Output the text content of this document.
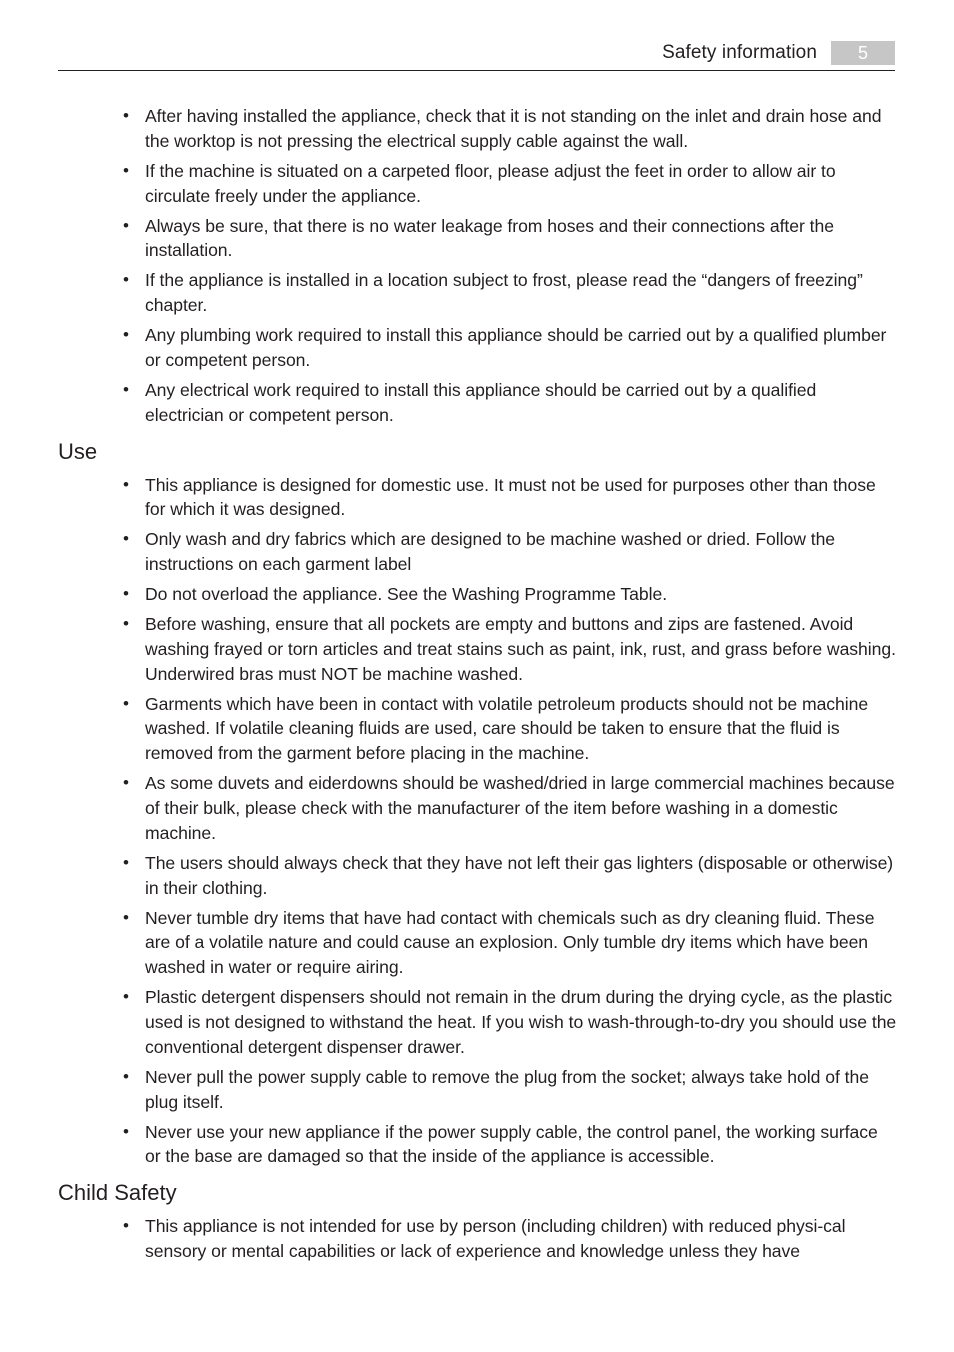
Safety information	5
• After having installed the appliance, check that it is not standing on the inlet and drain hose and the worktop is not pressing the electrical supply cable against the wall.
• If the machine is situated on a carpeted floor, please adjust the feet in order to allow air to circulate freely under the appliance.
• Always be sure, that there is no water leakage from hoses and their connections after the installation.
• If the appliance is installed in a location subject to frost, please read the “dangers of freezing” chapter.
• Any plumbing work required to install this appliance should be carried out by a qualified plumber or competent person.
• Any electrical work required to install this appliance should be carried out by a qualified electrician or competent person.
Use
• This appliance is designed for domestic use. It must not be used for purposes other than those for which it was designed.
• Only wash and dry fabrics which are designed to be machine washed or dried. Follow the instructions on each garment label
• Do not overload the appliance. See the Washing Programme Table.
• Before washing, ensure that all pockets are empty and buttons and zips are fastened. Avoid washing frayed or torn articles and treat stains such as paint, ink, rust, and grass before washing. Underwired bras must NOT be machine washed.
• Garments which have been in contact with volatile petroleum products should not be machine washed. If volatile cleaning fluids are used, care should be taken to ensure that the fluid is removed from the garment before placing in the machine.
• As some duvets and eiderdowns should be washed/dried in large commercial machines because of their bulk, please check with the manufacturer of the item before washing in a domestic machine.
• The users should always check that they have not left their gas lighters (disposable or otherwise) in their clothing.
• Never tumble dry items that have had contact with chemicals such as dry cleaning fluid. These are of a volatile nature and could cause an explosion. Only tumble dry items which have been washed in water or require airing.
• Plastic detergent dispensers should not remain in the drum during the drying cycle, as the plastic used is not designed to withstand the heat. If you wish to wash-through-to-dry you should use the conventional detergent dispenser drawer.
• Never pull the power supply cable to remove the plug from the socket; always take hold of the plug itself.
• Never use your new appliance if the power supply cable, the control panel, the working surface or the base are damaged so that the inside of the appliance is accessible.
Child Safety
• This appliance is not intended for use by person (including children) with reduced physi-cal sensory or mental capabilities or lack of experience and knowledge unless they have
